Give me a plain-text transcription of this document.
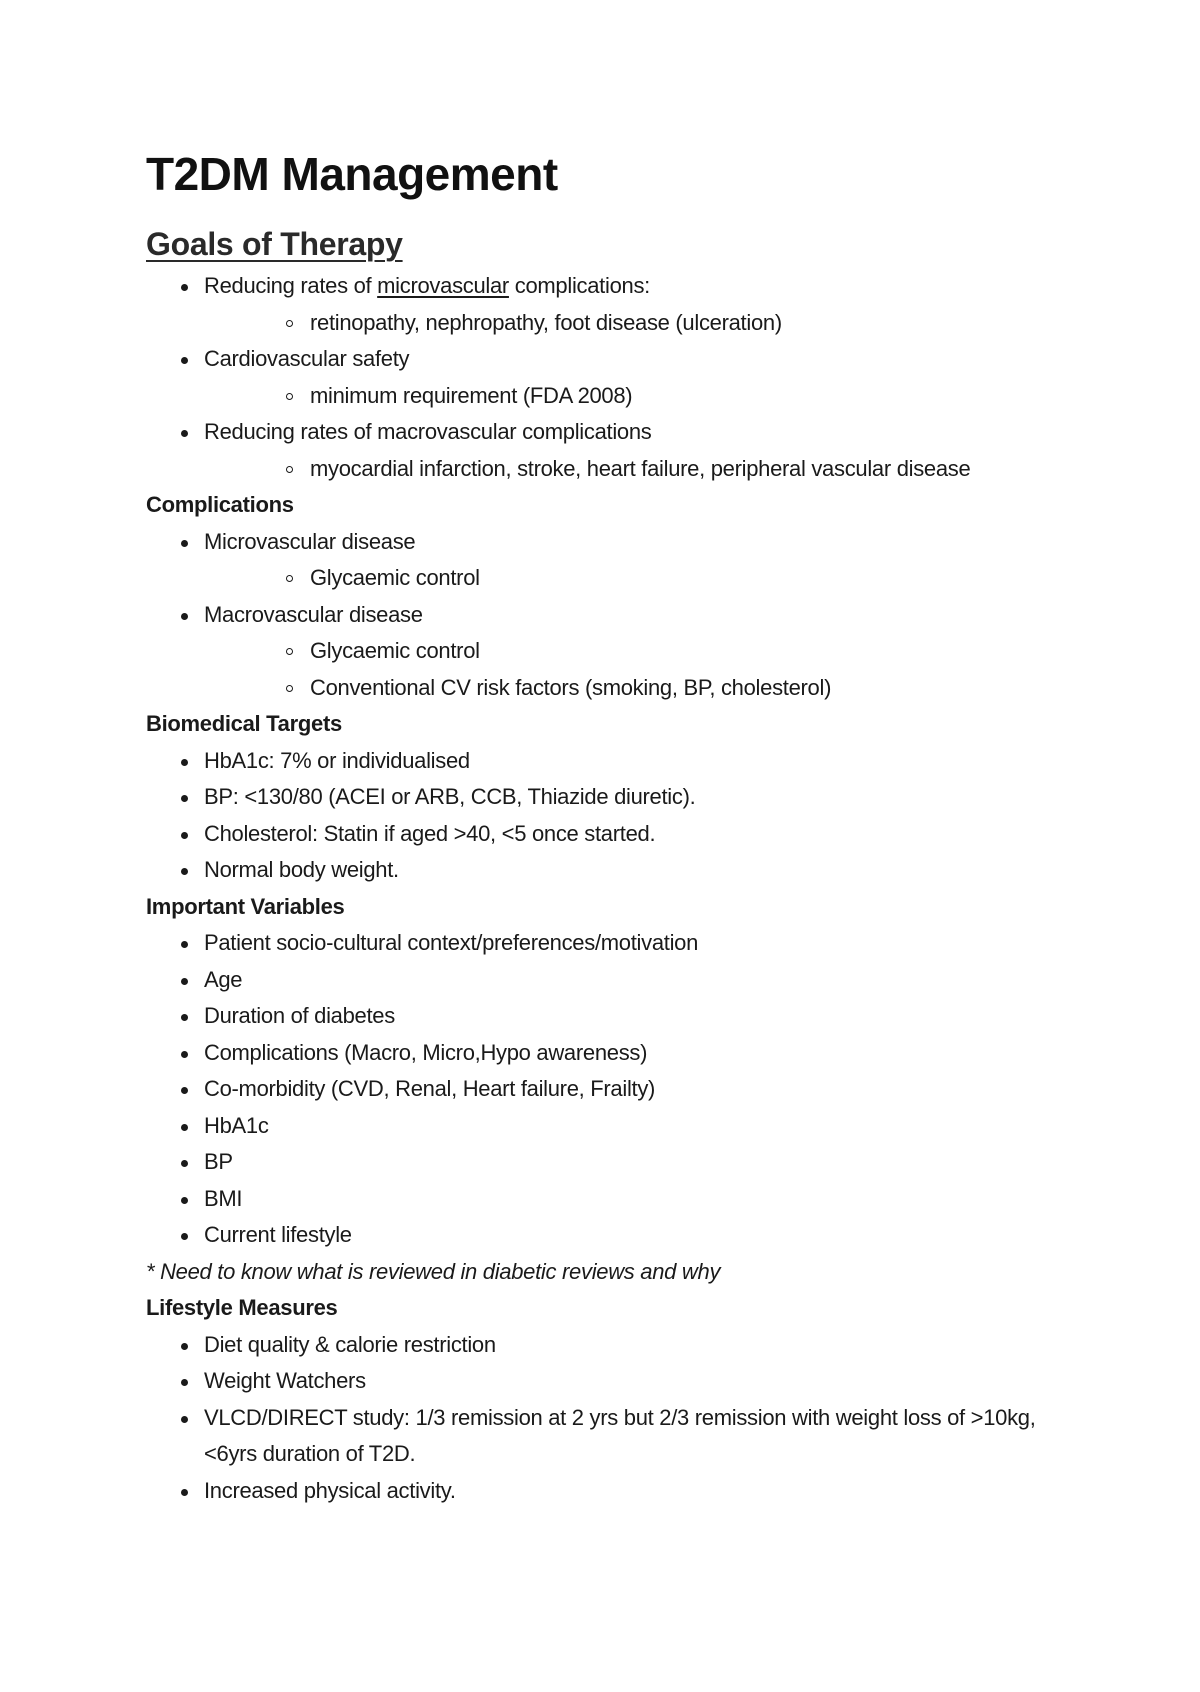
T2DM Management
Goals of Therapy
Reducing rates of microvascular complications:
retinopathy, nephropathy, foot disease (ulceration)
Cardiovascular safety
minimum requirement (FDA 2008)
Reducing rates of macrovascular complications
myocardial infarction, stroke, heart failure, peripheral vascular disease

Complications

Microvascular disease
Glycaemic control
Macrovascular disease
Glycaemic control
Conventional CV risk factors (smoking, BP, cholesterol)

Biomedical Targets

HbA1c: 7% or individualised
BP: <130/80 (ACEI or ARB, CCB, Thiazide diuretic).
Cholesterol: Statin if aged >40, <5 once started.
Normal body weight.

Important Variables

Patient socio-cultural context/preferences/motivation
Age
Duration of diabetes
Complications (Macro, Micro,Hypo awareness)
Co-morbidity (CVD, Renal, Heart failure, Frailty)
HbA1c
BP
BMI
Current lifestyle

* Need to know what is reviewed in diabetic reviews and why

Lifestyle Measures

Diet quality & calorie restriction
Weight Watchers
VLCD/DIRECT study: 1/3 remission at 2 yrs but 2/3 remission with weight loss of >10kg, <6yrs duration of T2D.
Increased physical activity.
